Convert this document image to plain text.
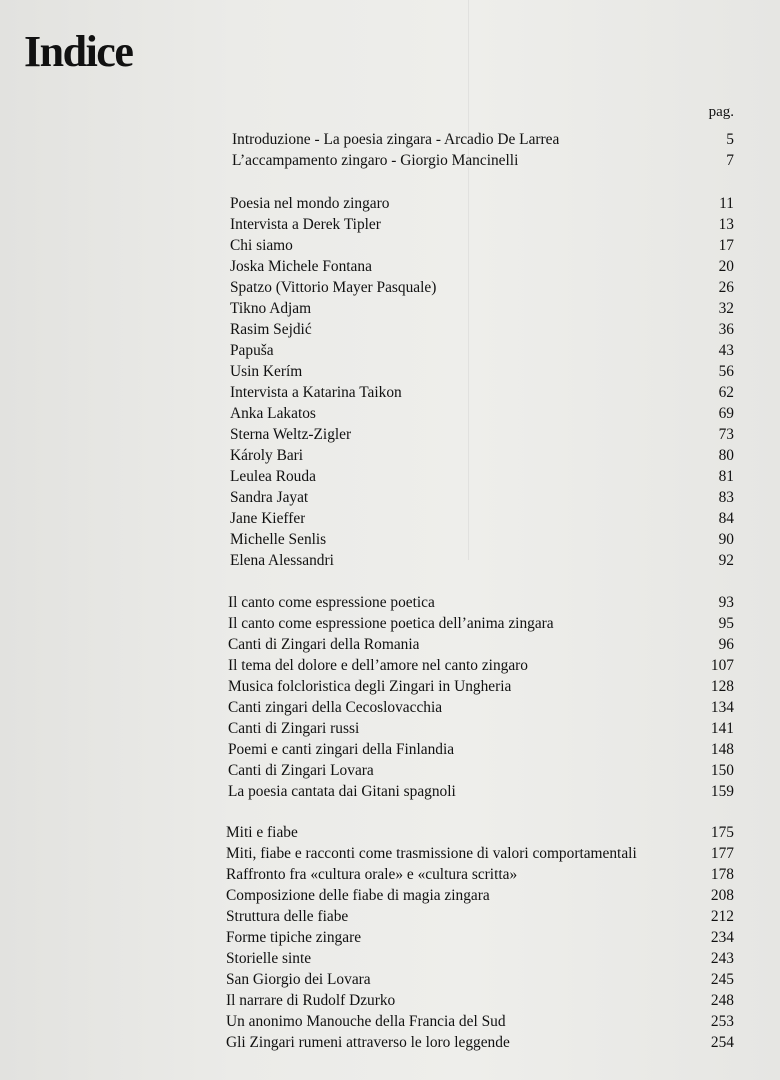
Indice
pag.
Introduzione - La poesia zingara - Arcadio De Larrea	5
L’accampamento zingaro - Giorgio Mancinelli	7
Poesia nel mondo zingaro	11
Intervista a Derek Tipler	13
Chi siamo	17
Joska Michele Fontana	20
Spatzo (Vittorio Mayer Pasquale)	26
Tikno Adjam	32
Rasim Sejdić	36
Papuša	43
Usin Kerím	56
Intervista a Katarina Taikon	62
Anka Lakatos	69
Sterna Weltz-Zigler	73
Károly Bari	80
Leulea Rouda	81
Sandra Jayat	83
Jane Kieffer	84
Michelle Senlis	90
Elena Alessandri	92
Il canto come espressione poetica	93
Il canto come espressione poetica dell’anima zingara	95
Canti di Zingari della Romania	96
Il tema del dolore e dell’amore nel canto zingaro	107
Musica folcloristica degli Zingari in Ungheria	128
Canti zingari della Cecoslovacchia	134
Canti di Zingari russi	141
Poemi e canti zingari della Finlandia	148
Canti di Zingari Lovara	150
La poesia cantata dai Gitani spagnoli	159
Miti e fiabe	175
Miti, fiabe e racconti come trasmissione di valori comportamentali	177
Raffronto fra «cultura orale» e «cultura scritta»	178
Composizione delle fiabe di magia zingara	208
Struttura delle fiabe	212
Forme tipiche zingare	234
Storielle sinte	243
San Giorgio dei Lovara	245
Il narrare di Rudolf Dzurko	248
Un anonimo Manouche della Francia del Sud	253
Gli Zingari rumeni attraverso le loro leggende	254
